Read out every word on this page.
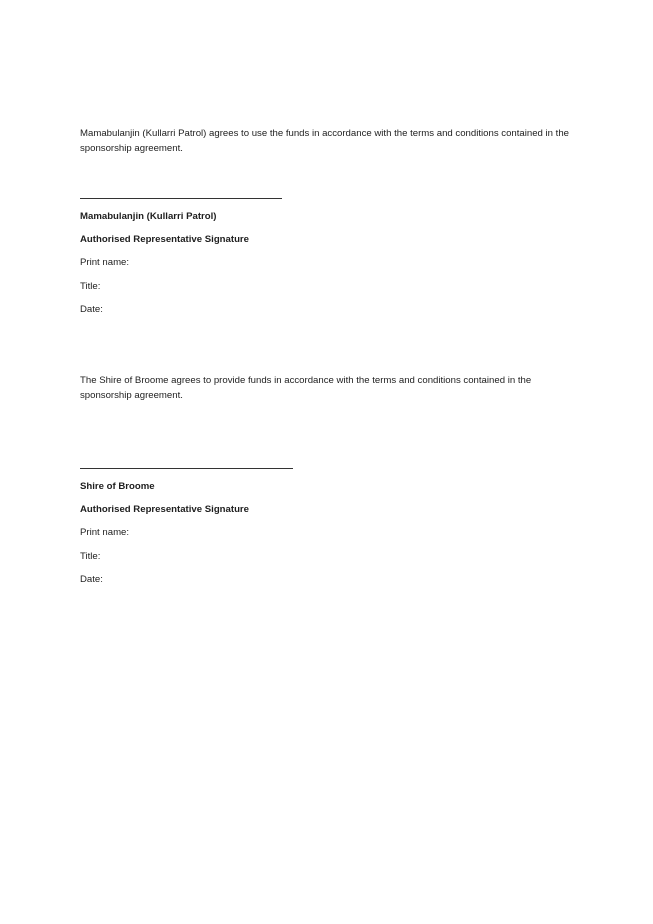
Mamabulanjin (Kullarri Patrol) agrees to use the funds in accordance with the terms and conditions contained in the sponsorship agreement.

Mamabulanjin (Kullarri Patrol)

Authorised Representative Signature

Print name:

Title:

Date:

The Shire of Broome agrees to provide funds in accordance with the terms and conditions contained in the sponsorship agreement.

Shire of Broome

Authorised Representative Signature

Print name:

Title:

Date:
